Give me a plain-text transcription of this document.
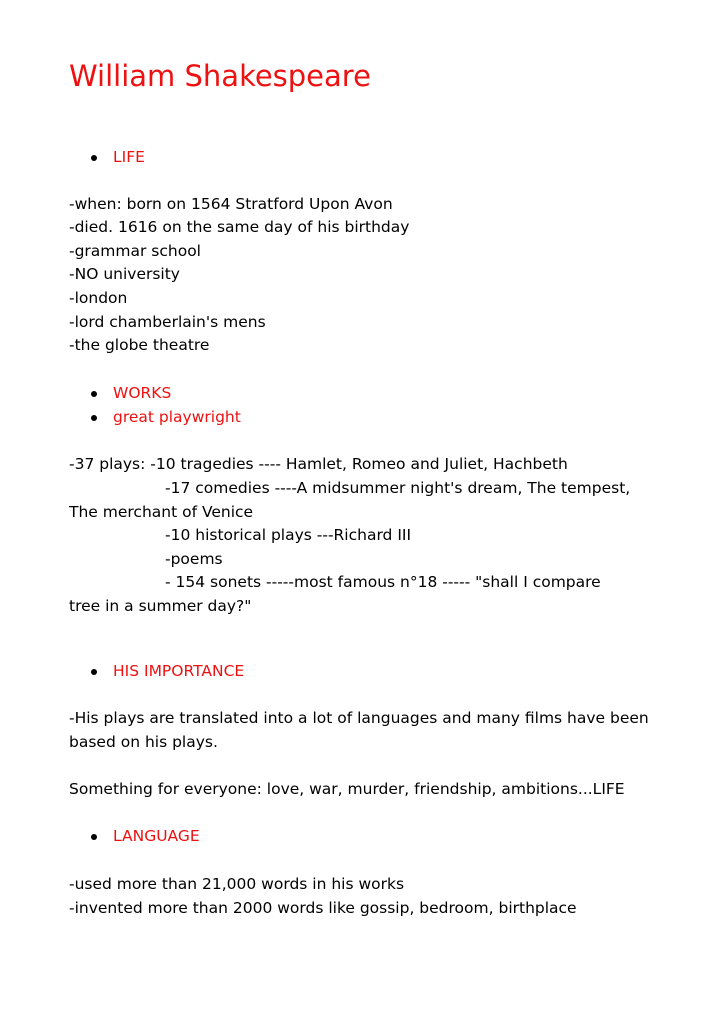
William Shakespeare

LIFE

-when: born on 1564 Stratford Upon Avon

-died. 1616 on the same day of his birthday

-grammar school

-NO university

-london

-lord chamberlain's mens

-the globe theatre

WORKS

great playwright

-37 plays: -10 tragedies ---- Hamlet, Romeo and Juliet, Hachbeth

-17 comedies ----A midsummer night's dream, The tempest,

The merchant of Venice

-10 historical plays ---Richard III

-poems

- 154 sonets -----most famous n°18 ----- "shall I compare

tree in a summer day?"

HIS IMPORTANCE

-His plays are translated into a lot of languages and many films have been

based on his plays.

Something for everyone: love, war, murder, friendship, ambitions...LIFE

LANGUAGE

-used more than 21,000 words in his works

-invented more than 2000 words like gossip, bedroom, birthplace
